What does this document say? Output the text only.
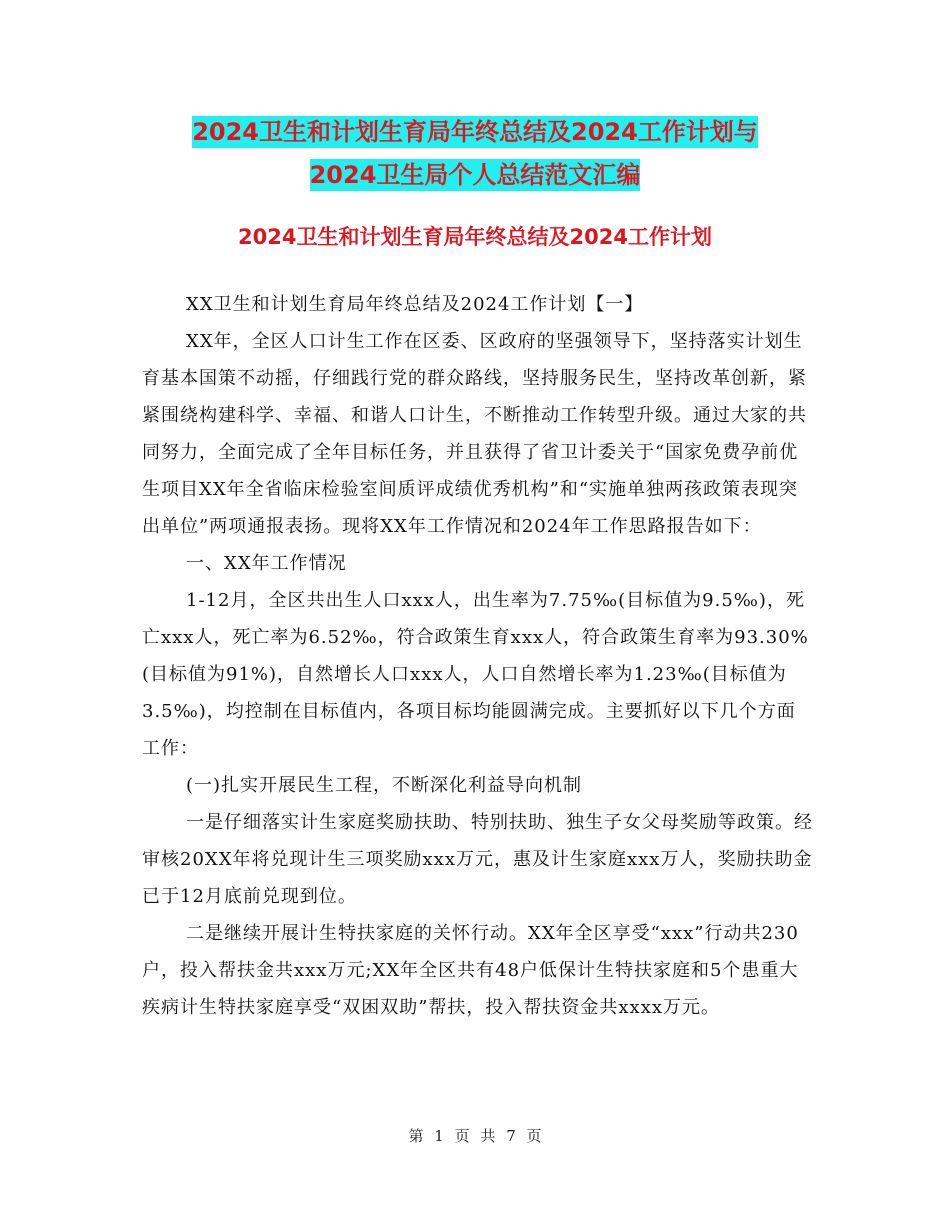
2024卫生和计划生育局年终总结及2024工作计划与
2024卫生局个人总结范文汇编
2024卫生和计划生育局年终总结及2024工作计划

XX卫生和计划生育局年终总结及2024工作计划【一】

XX年，全区人口计生工作在区委、区政府的坚强领导下，坚持落实计划生育基本国策不动摇，仔细践行党的群众路线，坚持服务民生，坚持改革创新，紧紧围绕构建科学、幸福、和谐人口计生，不断推动工作转型升级。通过大家的共同努力，全面完成了全年目标任务，并且获得了省卫计委关于“国家免费孕前优生项目XX年全省临床检验室间质评成绩优秀机构”和“实施单独两孩政策表现突出单位”两项通报表扬。现将XX年工作情况和2024年工作思路报告如下：

一、XX年工作情况

1-12月，全区共出生人口xxx人，出生率为7.75‰(目标值为9.5‰)，死亡xxx人，死亡率为6.52‰，符合政策生育xxx人，符合政策生育率为93.30%(目标值为91%)，自然增长人口xxx人，人口自然增长率为1.23‰(目标值为3.5‰)，均控制在目标值内，各项目标均能圆满完成。主要抓好以下几个方面工作：

(一)扎实开展民生工程，不断深化利益导向机制

一是仔细落实计生家庭奖励扶助、特别扶助、独生子女父母奖励等政策。经审核20XX年将兑现计生三项奖励xxx万元，惠及计生家庭xxx万人，奖励扶助金已于12月底前兑现到位。

二是继续开展计生特扶家庭的关怀行动。XX年全区享受“xxx”行动共230户，投入帮扶金共xxx万元;XX年全区共有48户低保计生特扶家庭和5个患重大疾病计生特扶家庭享受“双困双助”帮扶，投入帮扶资金共xxxx万元。

第 1 页 共 7 页
